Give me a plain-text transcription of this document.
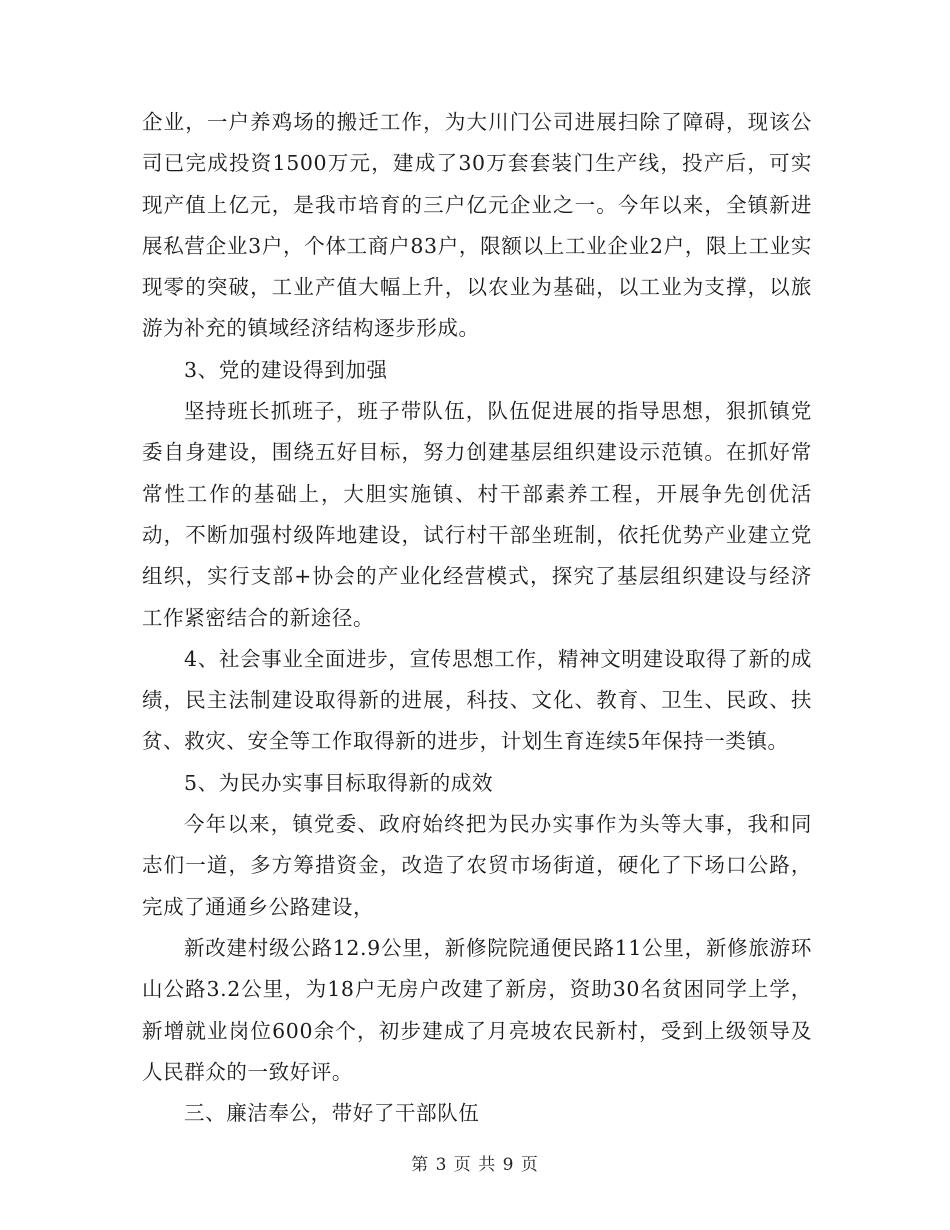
企业，一户养鸡场的搬迁工作，为大川门公司进展扫除了障碍，现该公司已完成投资1500万元，建成了30万套套装门生产线，投产后，可实现产值上亿元，是我市培育的三户亿元企业之一。今年以来，全镇新进展私营企业3户，个体工商户83户，限额以上工业企业2户，限上工业实现零的突破，工业产值大幅上升，以农业为基础，以工业为支撑，以旅游为补充的镇域经济结构逐步形成。

3、党的建设得到加强

坚持班长抓班子，班子带队伍，队伍促进展的指导思想，狠抓镇党委自身建设，围绕五好目标，努力创建基层组织建设示范镇。在抓好常常性工作的基础上，大胆实施镇、村干部素养工程，开展争先创优活动，不断加强村级阵地建设，试行村干部坐班制，依托优势产业建立党组织，实行支部+协会的产业化经营模式，探究了基层组织建设与经济工作紧密结合的新途径。

4、社会事业全面进步，宣传思想工作，精神文明建设取得了新的成绩，民主法制建设取得新的进展，科技、文化、教育、卫生、民政、扶贫、救灾、安全等工作取得新的进步，计划生育连续5年保持一类镇。

5、为民办实事目标取得新的成效

今年以来，镇党委、政府始终把为民办实事作为头等大事，我和同志们一道，多方筹措资金，改造了农贸市场街道，硬化了下场口公路，完成了通通乡公路建设，

新改建村级公路12.9公里，新修院院通便民路11公里，新修旅游环山公路3.2公里，为18户无房户改建了新房，资助30名贫困同学上学，新增就业岗位600余个，初步建成了月亮坡农民新村，受到上级领导及人民群众的一致好评。

三、廉洁奉公，带好了干部队伍

第 3 页 共 9 页
